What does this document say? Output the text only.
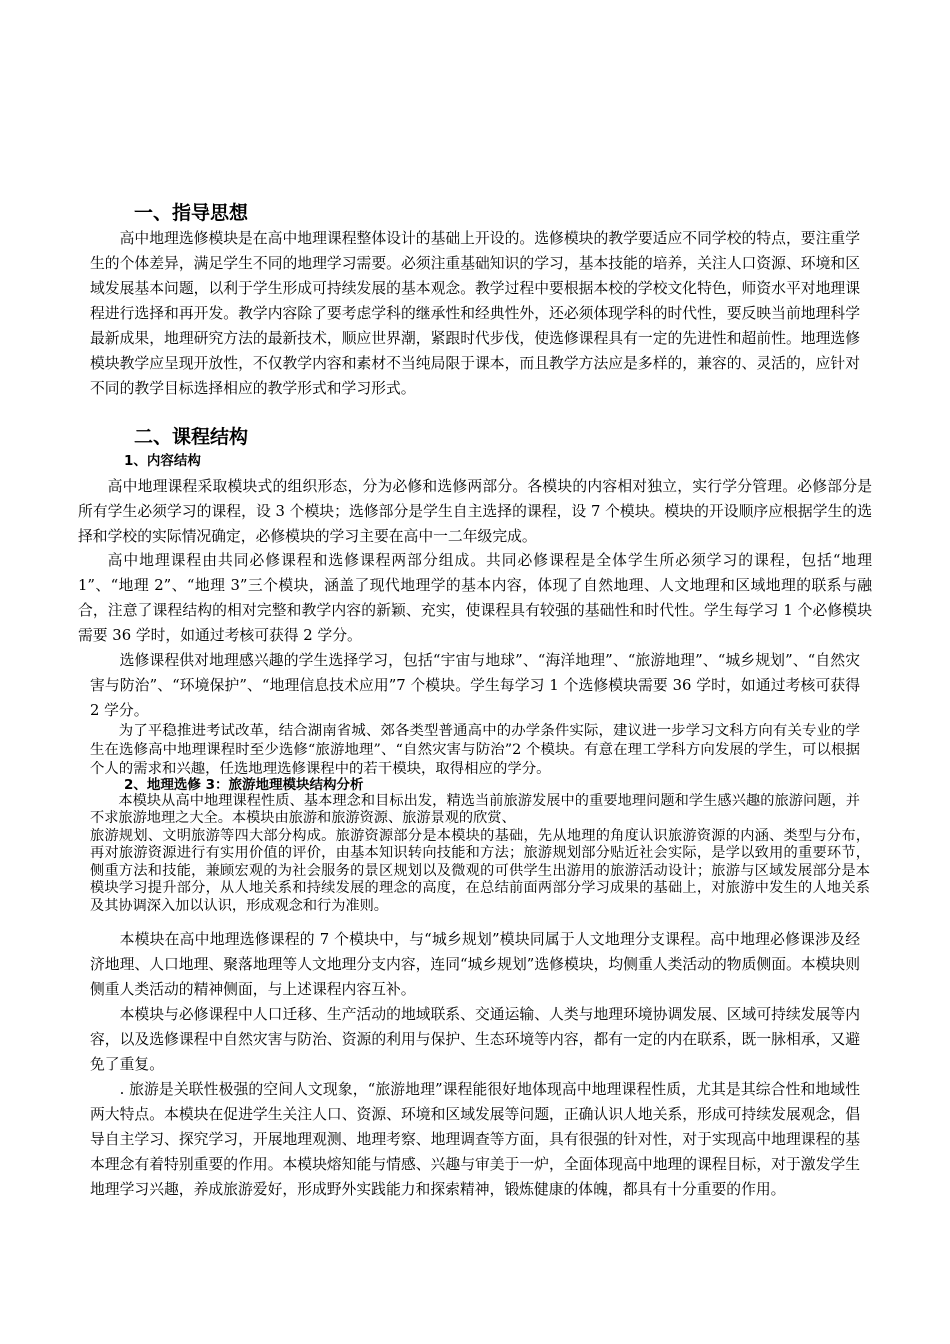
一、指导思想

高中地理选修模块是在高中地理课程整体设计的基础上开设的。选修模块的教学要适应不同学校的特点，要注重学生的个体差异，满足学生不同的地理学习需要。必须注重基础知识的学习，基本技能的培养，关注人口资源、环境和区域发展基本问题，以利于学生形成可持续发展的基本观念。教学过程中要根据本校的学校文化特色，师资水平对地理课程进行选择和再开发。教学内容除了要考虑学科的继承性和经典性外，还必须体现学科的时代性，要反映当前地理科学最新成果，地理研究方法的最新技术，顺应世界潮，紧跟时代步伐，使选修课程具有一定的先进性和超前性。地理选修模块教学应呈现开放性，不仅教学内容和素材不当纯局限于课本，而且教学方法应是多样的，兼容的、灵活的，应针对不同的教学目标选择相应的教学形式和学习形式。

二、课程结构
1、内容结构

高中地理课程采取模块式的组织形态，分为必修和选修两部分。各模块的内容相对独立，实行学分管理。必修部分是所有学生必须学习的课程，设 3 个模块；选修部分是学生自主选择的课程，设 7 个模块。模块的开设顺序应根据学生的选择和学校的实际情况确定，必修模块的学习主要在高中一二年级完成。

高中地理课程由共同必修课程和选修课程两部分组成。共同必修课程是全体学生所必须学习的课程，包括“地理 1”、“地理 2”、“地理 3”三个模块，涵盖了现代地理学的基本内容，体现了自然地理、人文地理和区域地理的联系与融合，注意了课程结构的相对完整和教学内容的新颖、充实，使课程具有较强的基础性和时代性。学生每学习 1 个必修模块需要 36 学时，如通过考核可获得 2 学分。

选修课程供对地理感兴趣的学生选择学习，包括“宇宙与地球”、“海洋地理”、“旅游地理”、“城乡规划”、“自然灾害与防治”、“环境保护”、“地理信息技术应用”7 个模块。学生每学习 1 个选修模块需要 36 学时，如通过考核可获得 2 学分。

为了平稳推进考试改革，结合湖南省城、郊各类型普通高中的办学条件实际，建议进一步学习文科方向有关专业的学生在选修高中地理课程时至少选修“旅游地理”、“自然灾害与防治”2 个模块。有意在理工学科方向发展的学生，可以根据个人的需求和兴趣，任选地理选修课程中的若干模块，取得相应的学分。

2、地理选修 3：旅游地理模块结构分析

本模块从高中地理课程性质、基本理念和目标出发，精选当前旅游发展中的重要地理问题和学生感兴趣的旅游问题，并不求旅游地理之大全。本模块由旅游和旅游资源、旅游景观的欣赏、

旅游规划、文明旅游等四大部分构成。旅游资源部分是本模块的基础，先从地理的角度认识旅游资源的内涵、类型与分布，再对旅游资源进行有实用价值的评价，由基本知识转向技能和方法；旅游规划部分贴近社会实际，是学以致用的重要环节，侧重方法和技能，兼顾宏观的为社会服务的景区规划以及微观的可供学生出游用的旅游活动设计；旅游与区域发展部分是本模块学习提升部分，从人地关系和持续发展的理念的高度，在总结前面两部分学习成果的基础上，对旅游中发生的人地关系及其协调深入加以认识，形成观念和行为准则。

本模块在高中地理选修课程的 7 个模块中，与“城乡规划”模块同属于人文地理分支课程。高中地理必修课涉及经济地理、人口地理、聚落地理等人文地理分支内容，连同“城乡规划”选修模块，均侧重人类活动的物质侧面。本模块则侧重人类活动的精神侧面，与上述课程内容互补。

本模块与必修课程中人口迁移、生产活动的地域联系、交通运输、人类与地理环境协调发展、区域可持续发展等内容，以及选修课程中自然灾害与防治、资源的利用与保护、生态环境等内容，都有一定的内在联系，既一脉相承，又避免了重复。

. 旅游是关联性极强的空间人文现象，“旅游地理”课程能很好地体现高中地理课程性质，尤其是其综合性和地域性两大特点。本模块在促进学生关注人口、资源、环境和区域发展等问题，正确认识人地关系，形成可持续发展观念，倡导自主学习、探究学习，开展地理观测、地理考察、地理调查等方面，具有很强的针对性，对于实现高中地理课程的基本理念有着特别重要的作用。本模块熔知能与情感、兴趣与审美于一炉，全面体现高中地理的课程目标，对于激发学生地理学习兴趣，养成旅游爱好，形成野外实践能力和探索精神，锻炼健康的体魄，都具有十分重要的作用。
